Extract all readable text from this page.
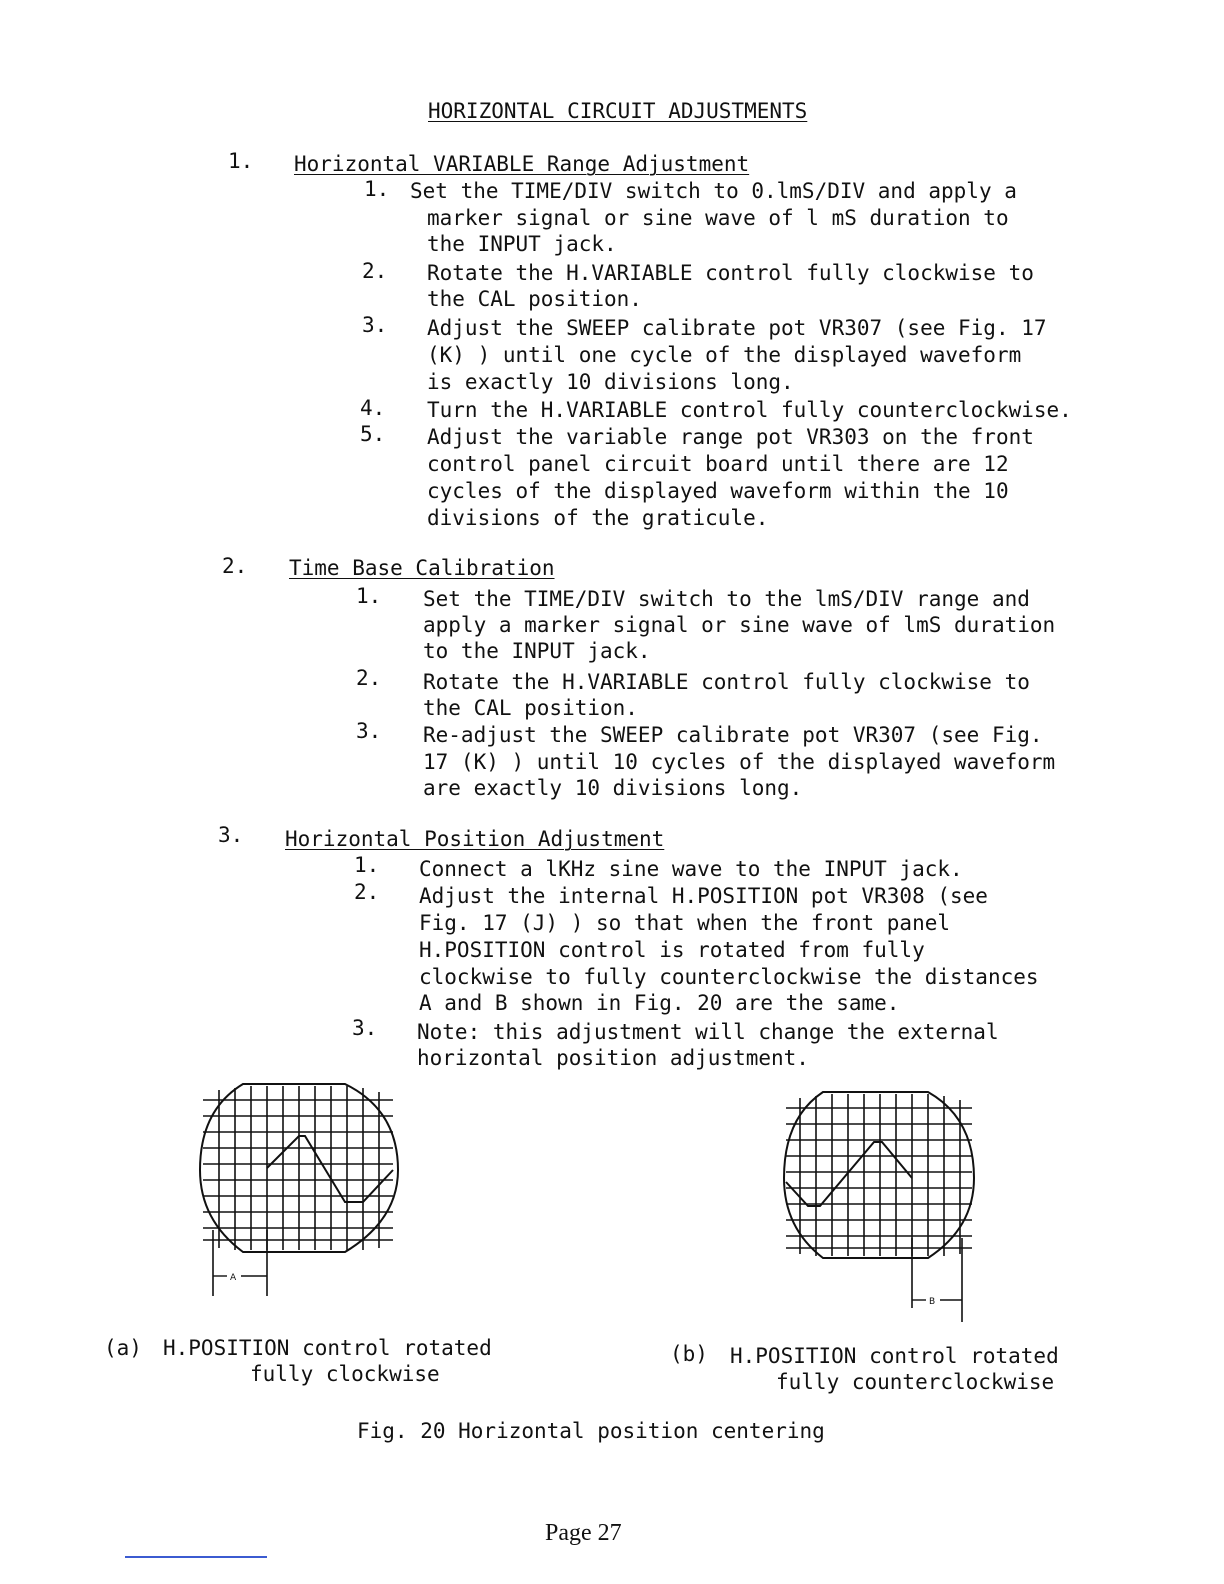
HORIZONTAL CIRCUIT ADJUSTMENTS
1. Horizontal VARIABLE Range Adjustment
1. Set the TIME/DIV switch to 0.lmS/DIV and apply a
marker signal or sine wave of l mS duration to
the INPUT jack.
2. Rotate the H.VARIABLE control fully clockwise to
the CAL position.
3. Adjust the SWEEP calibrate pot VR307 (see Fig. 17
(K) ) until one cycle of the displayed waveform
is exactly 10 divisions long.
4. Turn the H.VARIABLE control fully counterclockwise.
5. Adjust the variable range pot VR303 on the front
control panel circuit board until there are 12
cycles of the displayed waveform within the 10
divisions of the graticule.
2. Time Base Calibration
1. Set the TIME/DIV switch to the lmS/DIV range and
apply a marker signal or sine wave of lmS duration
to the INPUT jack.
2. Rotate the H.VARIABLE control fully clockwise to
the CAL position.
3. Re-adjust the SWEEP calibrate pot VR307 (see Fig.
17 (K) ) until 10 cycles of the displayed waveform
are exactly 10 divisions long.
3. Horizontal Position Adjustment
1. Connect a lKHz sine wave to the INPUT jack.
2. Adjust the internal H.POSITION pot VR308 (see
Fig. 17 (J) ) so that when the front panel
H.POSITION control is rotated from fully
clockwise to fully counterclockwise the distances
A and B shown in Fig. 20 are the same.
3. Note: this adjustment will change the external
horizontal position adjustment.
A
B
(a) H.POSITION control rotated
fully clockwise
(b) H.POSITION control rotated
fully counterclockwise
Fig. 20 Horizontal position centering
Page 27
